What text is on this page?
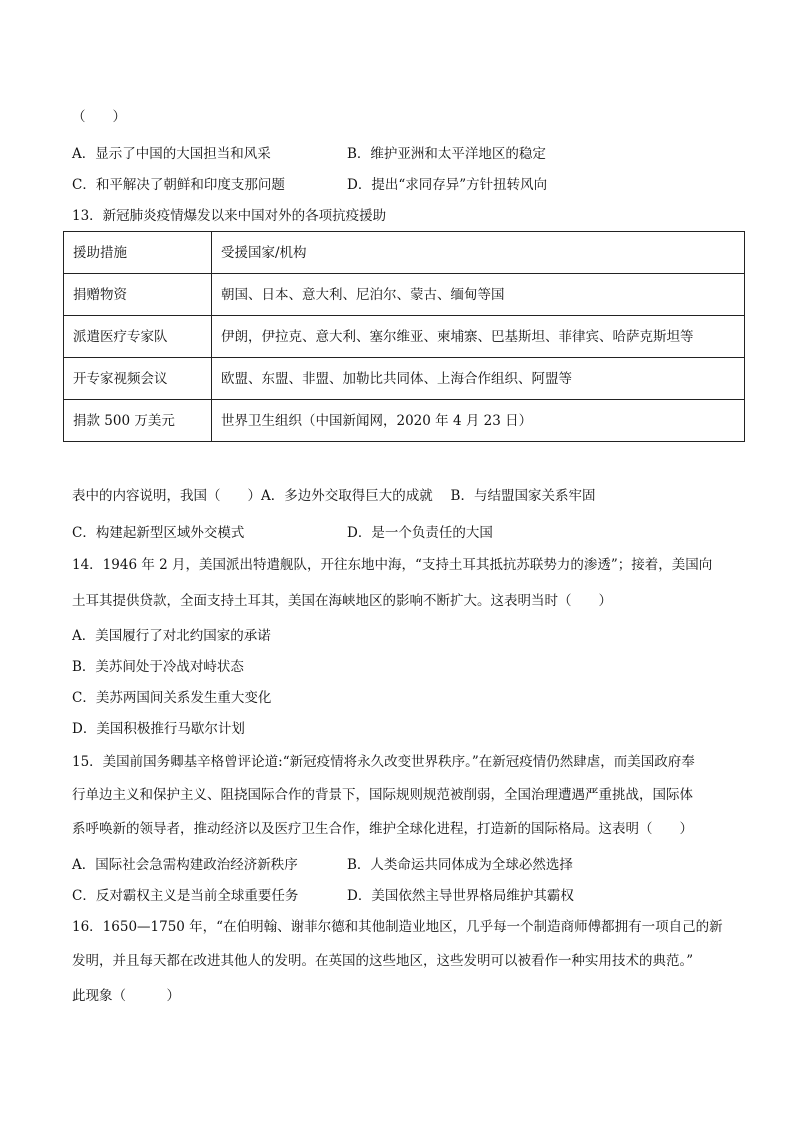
（　　）
A．显示了中国的大国担当和风采	B．维护亚洲和太平洋地区的稳定
C．和平解决了朝鲜和印度支那问题	D．提出“求同存异”方针扭转风向
13．新冠肺炎疫情爆发以来中国对外的各项抗疫援助
援助措施	受援国家/机构
捐赠物资	朝国、日本、意大利、尼泊尔、蒙古、缅甸等国
派遣医疗专家队	伊朗，伊拉克、意大利、塞尔维亚、柬埔寨、巴基斯坦、菲律宾、哈萨克斯坦等
开专家视频会议	欧盟、东盟、非盟、加勒比共同体、上海合作组织、阿盟等
捐款 500 万美元	世界卫生组织（中国新闻网，2020 年 4 月 23 日）
表中的内容说明，我国（　　）A．多边外交取得巨大的成就　 B．与结盟国家关系牢固
C．构建起新型区域外交模式	D．是一个负责任的大国
14．1946 年 2 月，美国派出特遣舰队，开往东地中海，“支持土耳其抵抗苏联势力的渗透”；接着，美国向
土耳其提供贷款，全面支持土耳其，美国在海峡地区的影响不断扩大。这表明当时（　　）
A．美国履行了对北约国家的承诺
B．美苏间处于冷战对峙状态
C．美苏两国间关系发生重大变化
D．美国积极推行马歇尔计划
15．美国前国务卿基辛格曾评论道:“新冠疫情将永久改变世界秩序。”在新冠疫情仍然肆虐，而美国政府奉
行单边主义和保护主义、阻挠国际合作的背景下，国际规则规范被削弱，全国治理遭遇严重挑战，国际体
系呼唤新的领导者，推动经济以及医疗卫生合作，维护全球化进程，打造新的国际格局。这表明（　　）
A．国际社会急需构建政治经济新秩序	B．人类命运共同体成为全球必然选择
C．反对霸权主义是当前全球重要任务	D．美国依然主导世界格局维护其霸权
16．1650—1750 年，“在伯明翰、谢菲尔德和其他制造业地区，几乎每一个制造商师傅都拥有一项自己的新
发明，并且每天都在改进其他人的发明。在英国的这些地区，这些发明可以被看作一种实用技术的典范。”
此现象（　　　）
